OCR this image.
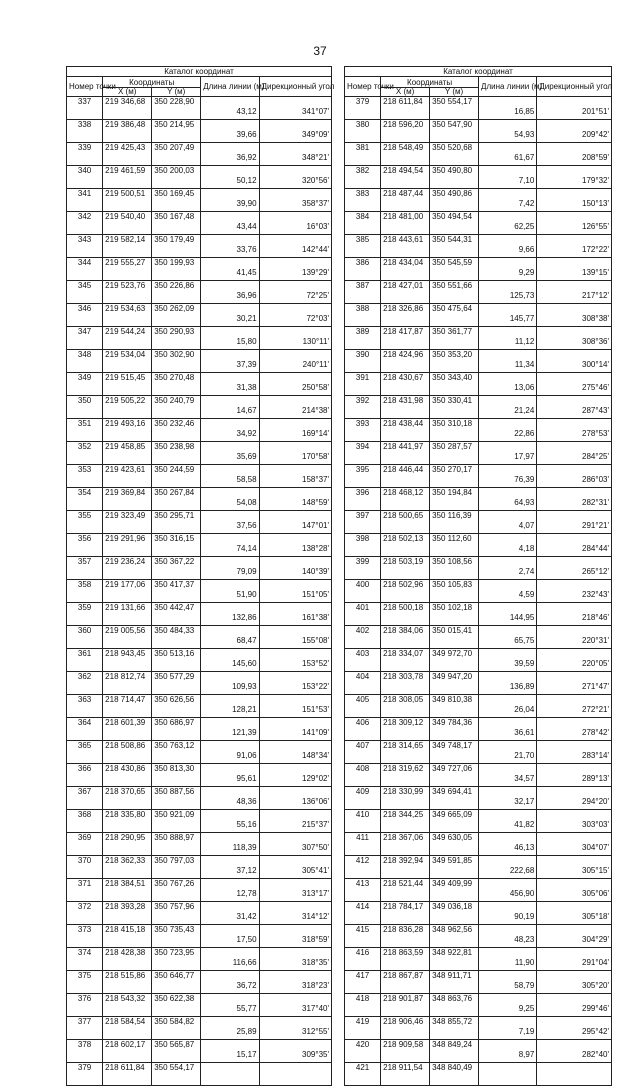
37
Каталог координат				
Номер точки	Координаты		Длина линии (м)	Дирекционный угол
	X (м)	Y (м)		
337	219 346,68	350 228,90	43,12	341°07'
338	219 386,48	350 214,95	39,66	349°09'
339	219 425,43	350 207,49	36,92	348°21'
340	219 461,59	350 200,03	50,12	320°56'
341	219 500,51	350 169,45	39,90	358°37'
342	219 540,40	350 167,48	43,44	16°03'
343	219 582,14	350 179,49	33,76	142°44'
344	219 555,27	350 199,93	41,45	139°29'
345	219 523,76	350 226,86	36,96	72°25'
346	219 534,63	350 262,09	30,21	72°03'
347	219 544,24	350 290,93	15,80	130°11'
348	219 534,04	350 302,90	37,39	240°11'
349	219 515,45	350 270,48	31,38	250°58'
350	219 505,22	350 240,79	14,67	214°38'
351	219 493,16	350 232,46	34,92	169°14'
352	219 458,85	350 238,98	35,69	170°58'
353	219 423,61	350 244,59	58,58	158°37'
354	219 369,84	350 267,84	54,08	148°59'
355	219 323,49	350 295,71	37,56	147°01'
356	219 291,96	350 316,15	74,14	138°28'
357	219 236,24	350 367,22	79,09	140°39'
358	219 177,06	350 417,37	51,90	151°05'
359	219 131,66	350 442,47	132,86	161°38'
360	219 005,56	350 484,33	68,47	155°08'
361	218 943,45	350 513,16	145,60	153°52'
362	218 812,74	350 577,29	109,93	153°22'
363	218 714,47	350 626,56	128,21	151°53'
364	218 601,39	350 686,97	121,39	141°09'
365	218 508,86	350 763,12	91,06	148°34'
366	218 430,86	350 813,30	95,61	129°02'
367	218 370,65	350 887,56	48,36	136°06'
368	218 335,80	350 921,09	55,16	215°37'
369	218 290,95	350 888,97	118,39	307°50'
370	218 362,33	350 797,03	37,12	305°41'
371	218 384,51	350 767,26	12,78	313°17'
372	218 393,28	350 757,96	31,42	314°12'
373	218 415,18	350 735,43	17,50	318°59'
374	218 428,38	350 723,95	116,66	318°35'
375	218 515,86	350 646,77	36,72	318°23'
376	218 543,32	350 622,38	55,77	317°40'
377	218 584,54	350 584,82	25,89	312°55'
378	218 602,17	350 565,87	15,17	309°35'
379	218 611,84	350 554,17		
Каталог координат				
Номер точки	Координаты		Длина линии (м)	Дирекционный угол
	X (м)	Y (м)		
379	218 611,84	350 554,17	16,85	201°51'
380	218 596,20	350 547,90	54,93	209°42'
381	218 548,49	350 520,68	61,67	208°59'
382	218 494,54	350 490,80	7,10	179°32'
383	218 487,44	350 490,86	7,42	150°13'
384	218 481,00	350 494,54	62,25	126°55'
385	218 443,61	350 544,31	9,66	172°22'
386	218 434,04	350 545,59	9,29	139°15'
387	218 427,01	350 551,66	125,73	217°12'
388	218 326,86	350 475,64	145,77	308°38'
389	218 417,87	350 361,77	11,12	308°36'
390	218 424,96	350 353,20	11,34	300°14'
391	218 430,67	350 343,40	13,06	275°46'
392	218 431,98	350 330,41	21,24	287°43'
393	218 438,44	350 310,18	22,86	278°53'
394	218 441,97	350 287,57	17,97	284°25'
395	218 446,44	350 270,17	76,39	286°03'
396	218 468,12	350 194,84	64,93	282°31'
397	218 500,65	350 116,39	4,07	291°21'
398	218 502,13	350 112,60	4,18	284°44'
399	218 503,19	350 108,56	2,74	265°12'
400	218 502,96	350 105,83	4,59	232°43'
401	218 500,18	350 102,18	144,95	218°46'
402	218 384,06	350 015,41	65,75	220°31'
403	218 334,07	349 972,70	39,59	220°05'
404	218 303,78	349 947,20	136,89	271°47'
405	218 308,05	349 810,38	26,04	272°21'
406	218 309,12	349 784,36	36,61	278°42'
407	218 314,65	349 748,17	21,70	283°14'
408	218 319,62	349 727,06	34,57	289°13'
409	218 330,99	349 694,41	32,17	294°20'
410	218 344,25	349 665,09	41,82	303°03'
411	218 367,06	349 630,05	46,13	304°07'
412	218 392,94	349 591,85	222,68	305°15'
413	218 521,44	349 409,99	456,90	305°06'
414	218 784,17	349 036,18	90,19	305°18'
415	218 836,28	348 962,56	48,23	304°29'
416	218 863,59	348 922,81	11,90	291°04'
417	218 867,87	348 911,71	58,79	305°20'
418	218 901,87	348 863,76	9,25	299°46'
419	218 906,46	348 855,72	7,19	295°42'
420	218 909,58	348 849,24	8,97	282°40'
421	218 911,54	348 840,49		
